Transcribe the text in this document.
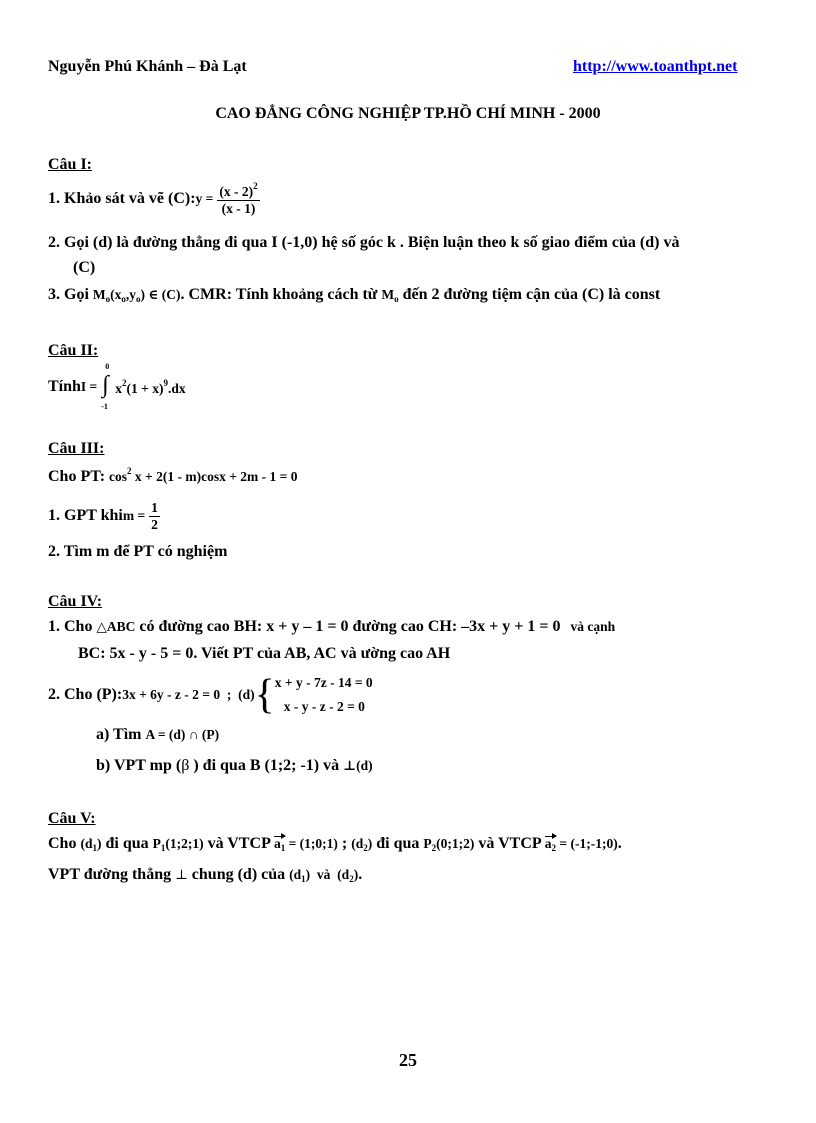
Nguyễn Phú Khánh – Đà Lạt	http://www.toanthpt.net
CAO ĐẲNG CÔNG NGHIỆP TP.HỒ CHÍ MINH - 2000
Câu I:
1. Khảo sát và vẽ (C): $y = \frac{(x - 2)^2}{(x - 1)}$
2. Gọi (d) là đường thẳng đi qua I (-1,0) hệ số góc k . Biện luận theo k số giao điểm của (d) và
(C)
3. Gọi $M_o(x_o,y_o)$ ∈ (C). CMR: Tính khoảng cách từ $M_o$ đến 2 đường tiệm cận của (C) là const
Câu II:
Tính I =
0
∫
-1
$x^2(1 + x)^9.dx$
Câu III:
Cho PT: $\cos^2 x + 2(1 - m)\cos x + 2m - 1 = 0$
1. GPT khi $m = \frac{1}{2}$
2. Tìm m để PT có nghiệm
Câu IV:
1. Cho △ABC có đường cao BH: x + y – 1 = 0 đường cao CH: –3x + y + 1 = 0 và cạnh
BC: 5x - y - 5 = 0. Viết PT của AB, AC và ường cao AH
2. Cho (P): 3x + 6y - z - 2 = 0 ; (d) { x + y - 7z - 14 = 0
x - y - z - 2 = 0
a) Tìm A = (d) ∩ (P)
b) VPT mp (β ) đi qua B (1;2; -1) và ⊥(d)
Câu V:
Cho $(d_1)$ đi qua $P_1(1;2;1)$ và VTCP $a_1$ = (1;0;1) ; $(d_2)$ đi qua $P_2(0;1;2)$ và VTCP $a_2$ = (-1;-1;0).
VPT đường thẳng ⊥ chung (d) của $(d_1)$  và  $(d_2)$.
25
